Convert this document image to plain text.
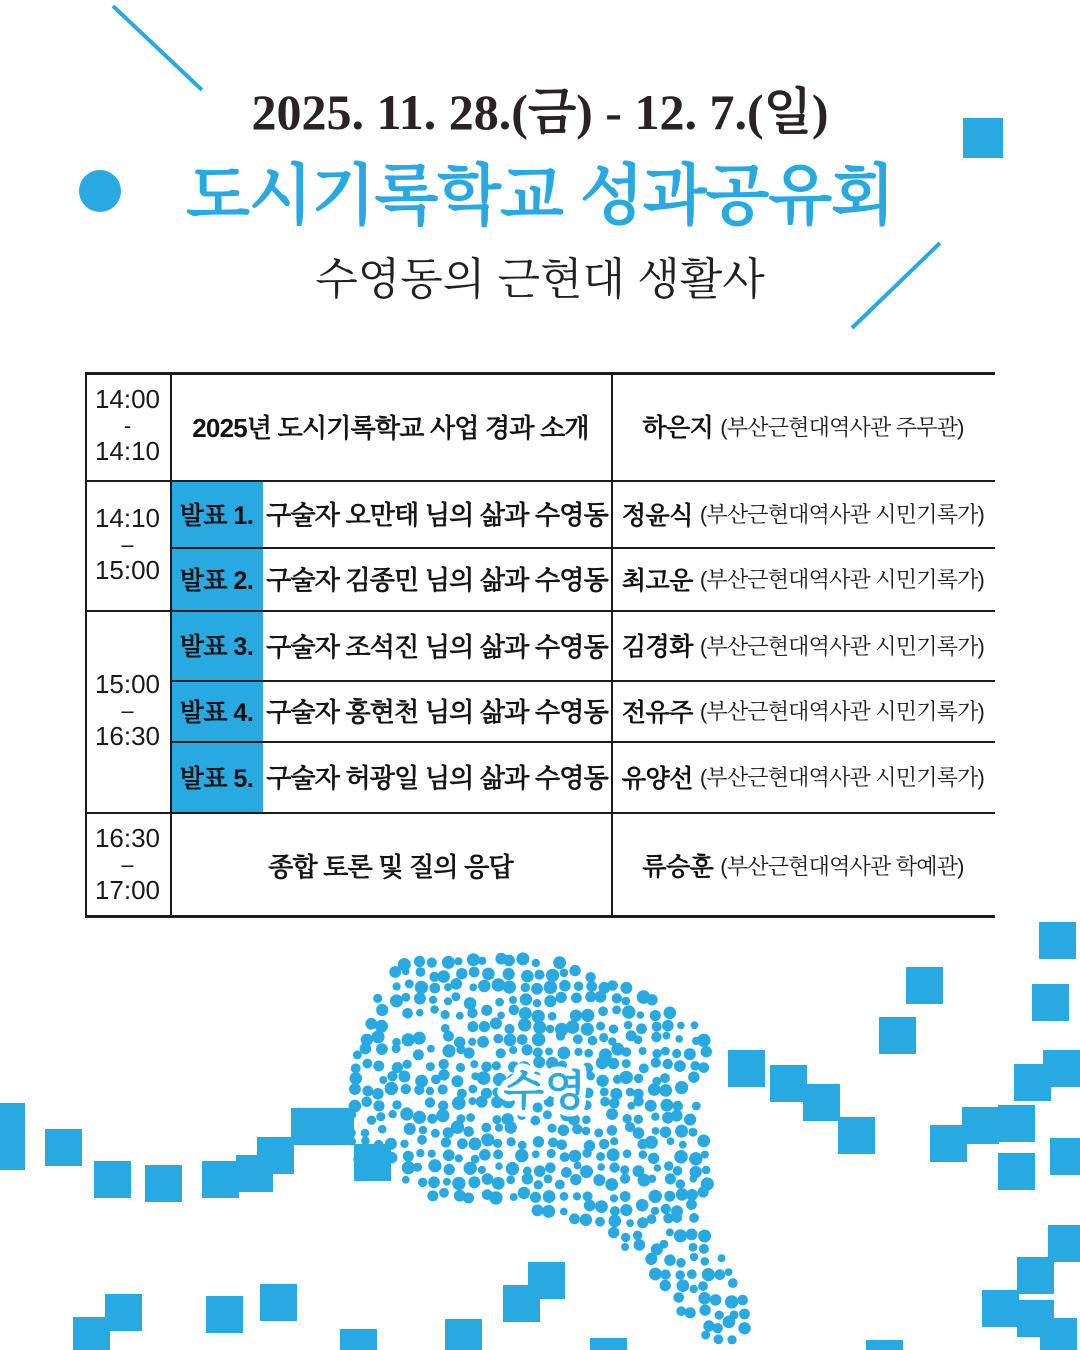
2025. 11. 28.(금) - 12. 7.(일)
도시기록학교 성과공유회
수영동의 근현대 생활사
14:00
-
14:10
14:10
–
15:00
15:00
–
16:30
16:30
–
17:00
2025년 도시기록학교 사업 경과 소개	하은지 (부산근현대역사관 주무관)
발표 1. 구술자 오만태 님의 삶과 수영동 정윤식 (부산근현대역사관 시민기록가)
발표 2. 구술자 김종민 님의 삶과 수영동 최고운 (부산근현대역사관 시민기록가)
발표 3. 구술자 조석진 님의 삶과 수영동 김경화 (부산근현대역사관 시민기록가)
발표 4. 구술자 홍현천 님의 삶과 수영동 전유주 (부산근현대역사관 시민기록가)
발표 5. 구술자 허광일 님의 삶과 수영동 유양선 (부산근현대역사관 시민기록가)
종합 토론 및 질의 응답	류승훈 (부산근현대역사관 학예관)
수영
